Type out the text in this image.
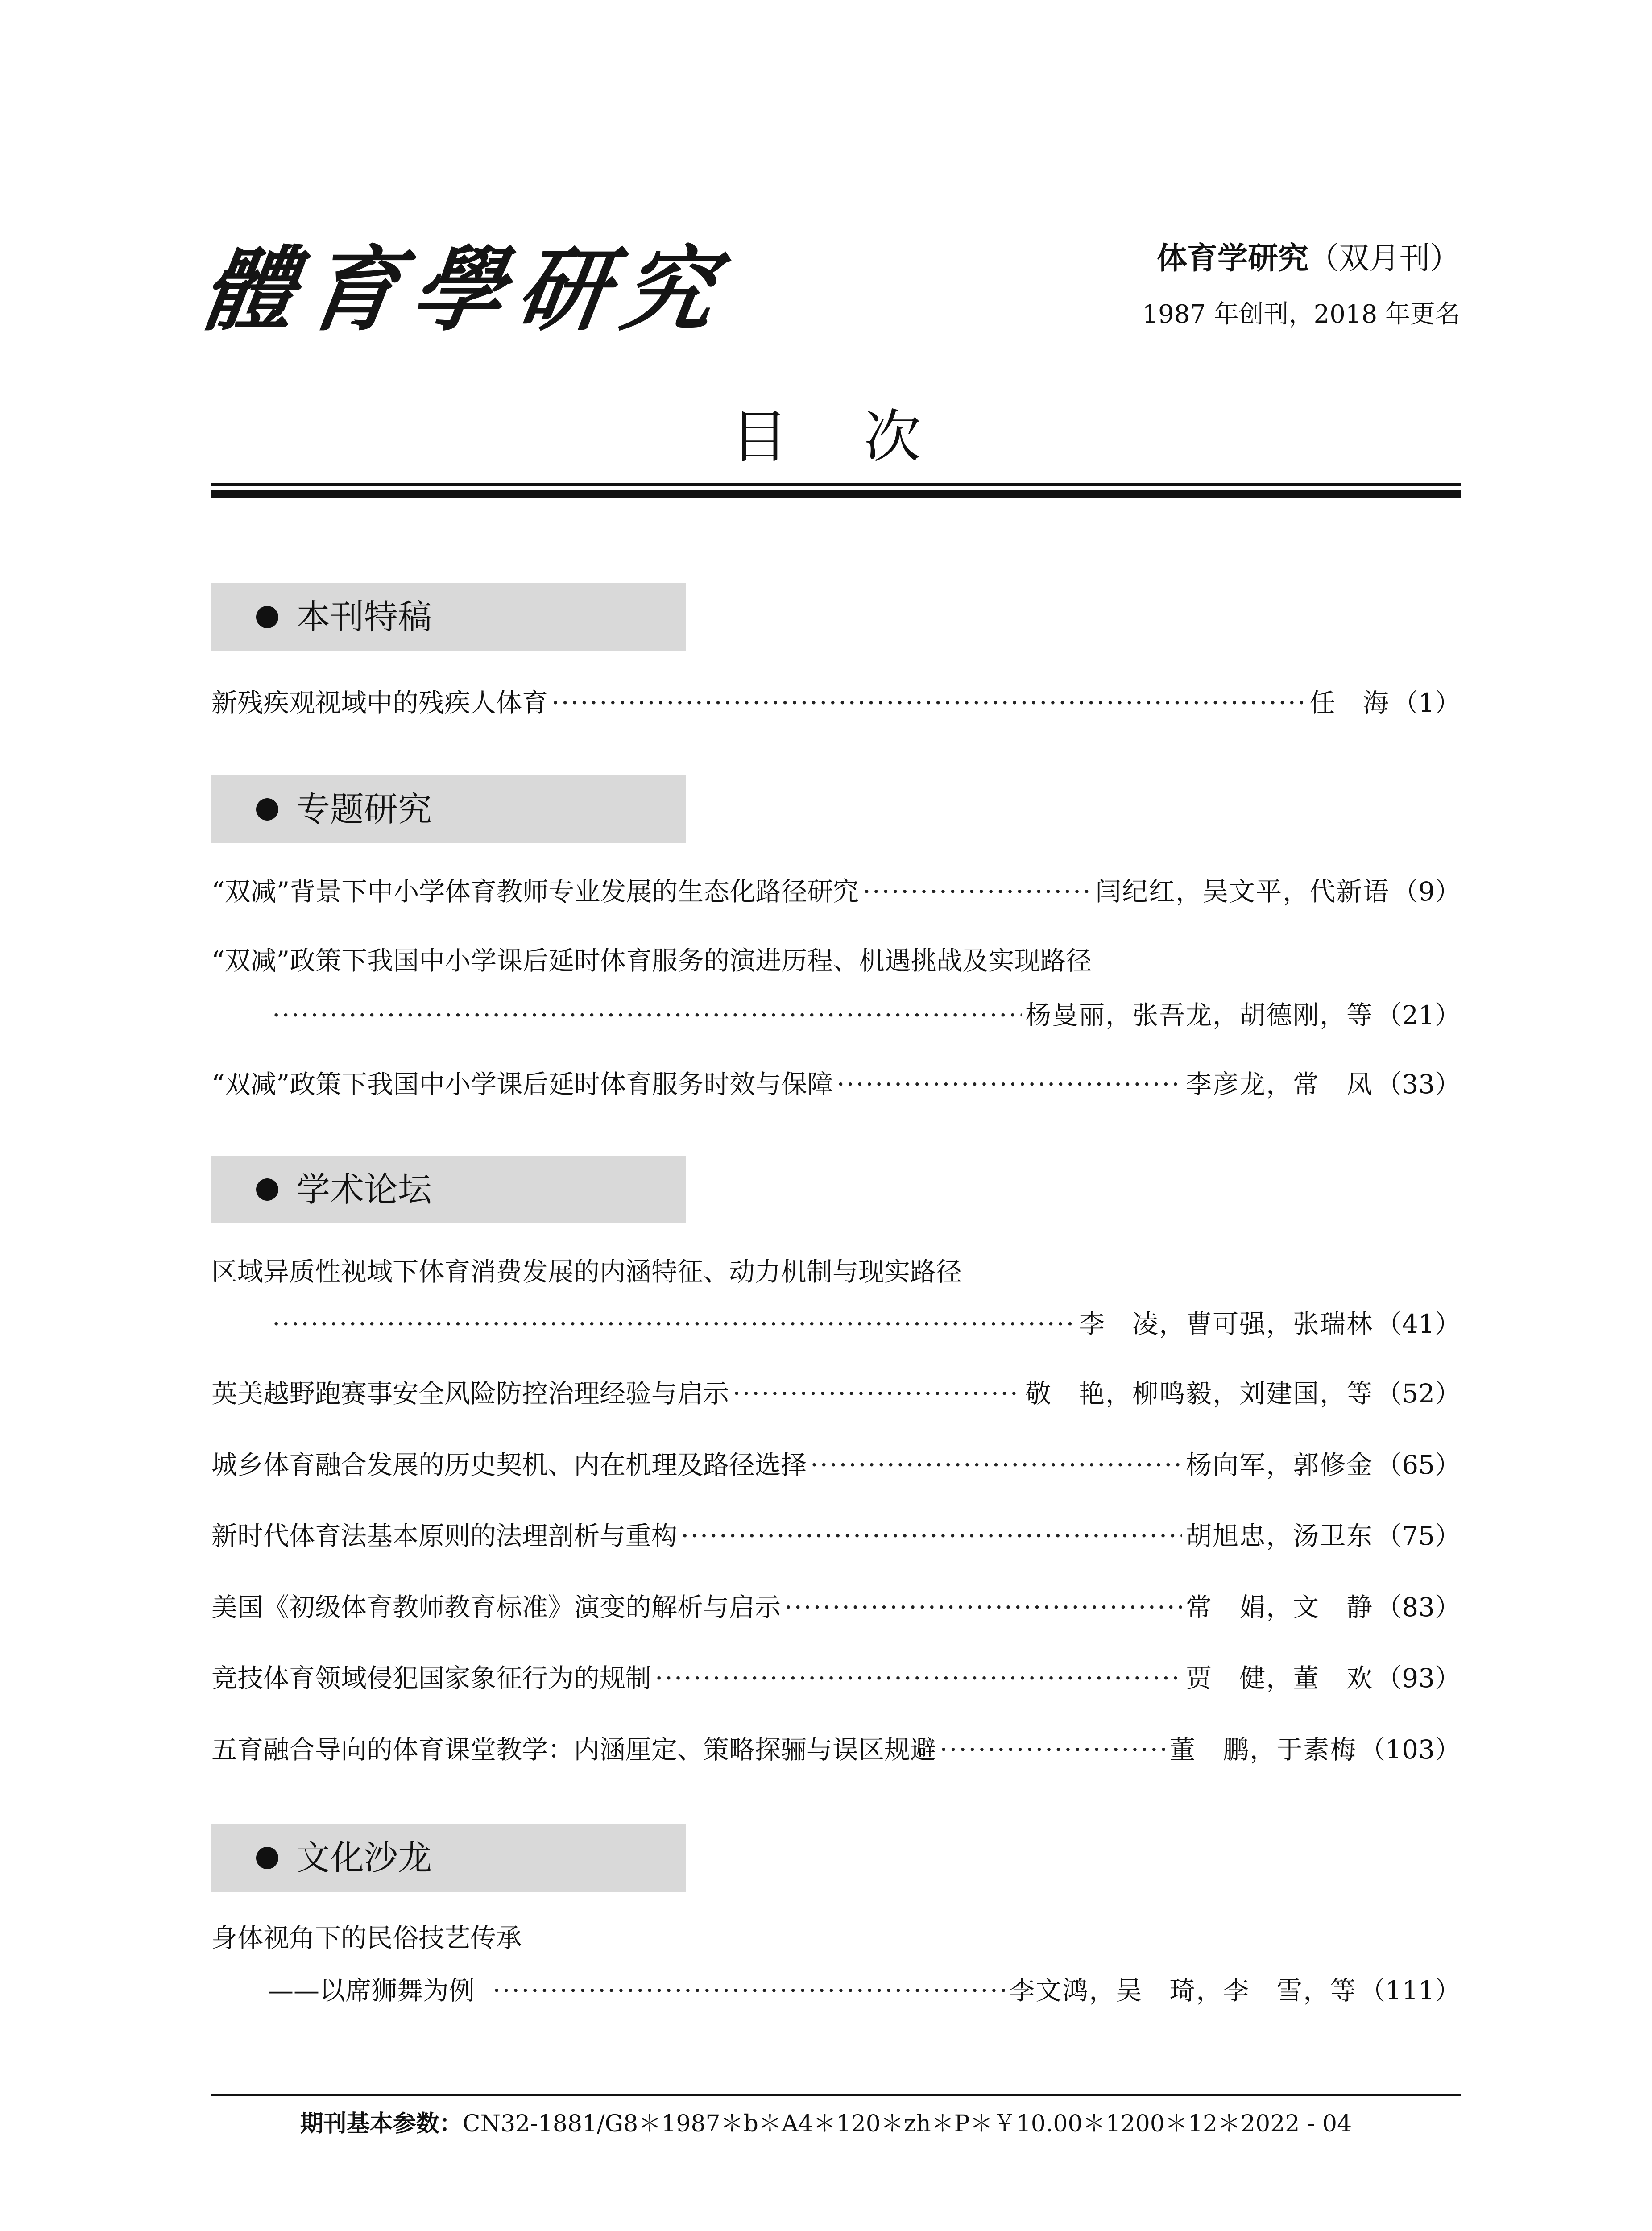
體育學研究	体育学研究（双月刊）
1987 年创刊，2018 年更名
目次
本刊特稿
新残疾观视域中的残疾人体育 ·····	任　海 （1）
专题研究
“双减”背景下中小学体育教师专业发展的生态化路径研究 ·····	闫纪红，吴文平，代新语 （9）
“双减”政策下我国中小学课后延时体育服务的演进历程、机遇挑战及实现路径
·····
杨曼丽，张吾龙，胡德刚，等 （21）
“双减”政策下我国中小学课后延时体育服务时效与保障 ·····	李彦龙，常　凤 （33）
学术论坛
区域异质性视域下体育消费发展的内涵特征、动力机制与现实路径
·····
李　凌，曹可强，张瑞林 （41）
英美越野跑赛事安全风险防控治理经验与启示 ·····	敬　艳，柳鸣毅，刘建国，等 （52）
城乡体育融合发展的历史契机、内在机理及路径选择 ·····	杨向军，郭修金 （65）
新时代体育法基本原则的法理剖析与重构 ·····	胡旭忠，汤卫东 （75）
美国《初级体育教师教育标准》演变的解析与启示 ·····	常　娟，文　静 （83）
竞技体育领域侵犯国家象征行为的规制 ·····	贾　健，董　欢 （93）
五育融合导向的体育课堂教学：内涵厘定、策略探骊与误区规避 ·····	董　鹏，于素梅 （103）
文化沙龙
身体视角下的民俗技艺传承
——以席狮舞为例 ·····	李文鸿，吴　琦，李　雪，等 （111）
期刊基本参数：CN32-1881/G8＊1987＊b＊A4＊120＊zh＊P＊￥10.00＊1200＊12＊2022 - 04
